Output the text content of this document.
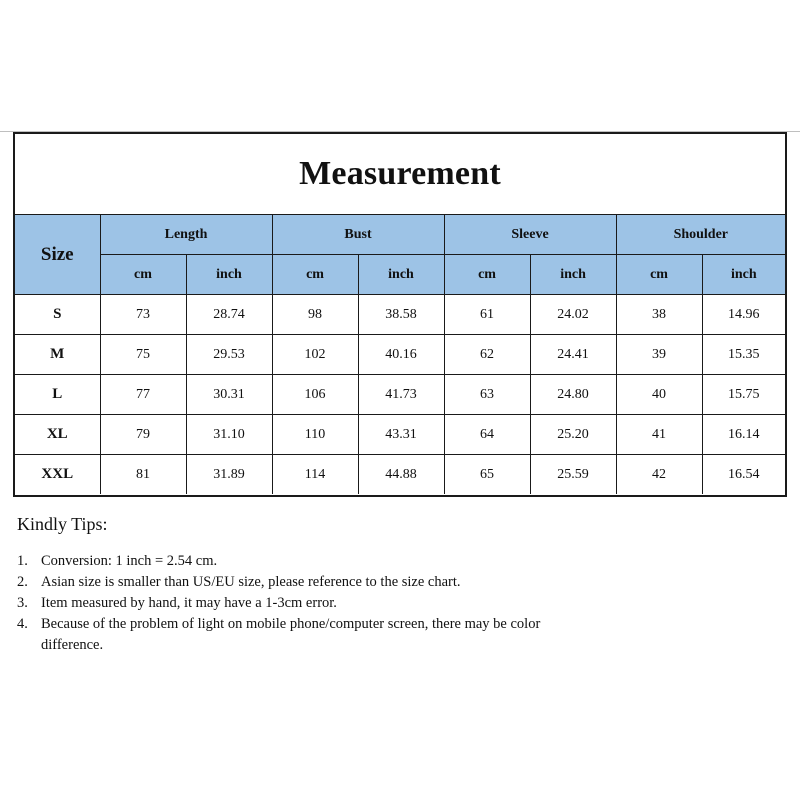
Measurement
Size	Length		Bust		Sleeve		Shoulder	
	cm	inch	cm	inch	cm	inch	cm	inch
S	73	28.74	98	38.58	61	24.02	38	14.96
M	75	29.53	102	40.16	62	24.41	39	15.35
L	77	30.31	106	41.73	63	24.80	40	15.75
XL	79	31.10	110	43.31	64	25.20	41	16.14
XXL	81	31.89	114	44.88	65	25.59	42	16.54

Kindly Tips:

1. Conversion: 1 inch = 2.54 cm.
2. Asian size is smaller than US/EU size, please reference to the size chart.
3. Item measured by hand, it may have a 1-3cm error.
4. Because of the problem of light on mobile phone/computer screen, there may be color difference.
